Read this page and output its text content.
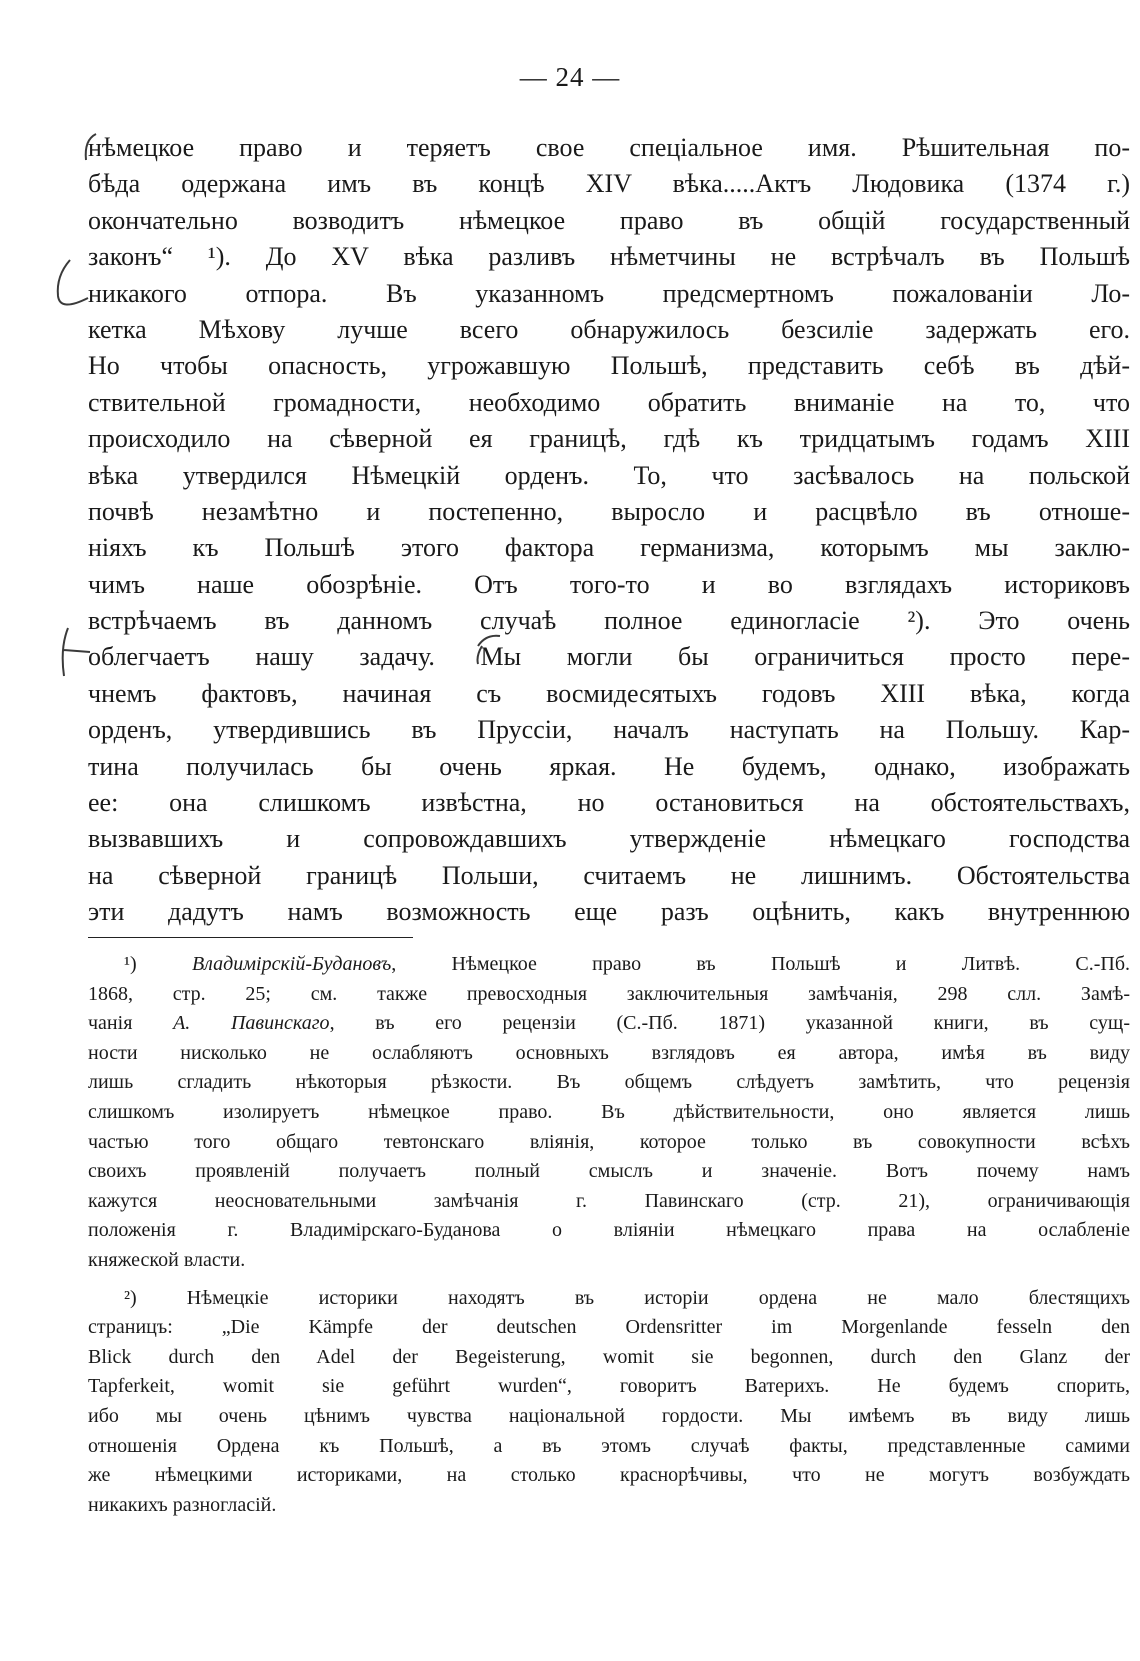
— 24 —
нѣмецкое право и теряетъ свое спеціальное имя. Рѣшительная по-
бѣда одержана имъ въ концѣ XIV вѣка.....Актъ Людовика (1374 г.)
окончательно возводитъ нѣмецкое право въ общій государственный
законъ“ ¹). До XV вѣка разливъ нѣметчины не встрѣчалъ въ Польшѣ
никакого отпора. Въ указанномъ предсмертномъ пожалованіи Ло-
кетка Мѣхову лучше всего обнаружилось безсиліе задержать его.
Но чтобы опасность, угрожавшую Польшѣ, представить себѣ въ дѣй-
ствительной громадности, необходимо обратить вниманіе на то, что
происходило на сѣверной ея границѣ, гдѣ къ тридцатымъ годамъ XIII
вѣка утвердился Нѣмецкій орденъ. То, что засѣвалось на польской
почвѣ незамѣтно и постепенно, выросло и расцвѣло въ отноше-
ніяхъ къ Польшѣ этого фактора германизма, которымъ мы заклю-
чимъ наше обозрѣніе. Отъ того-то и во взглядахъ историковъ
встрѣчаемъ въ данномъ случаѣ полное единогласіе ²). Это очень
облегчаетъ нашу задачу. Мы могли бы ограничиться просто пере-
чнемъ фактовъ, начиная съ восмидесятыхъ годовъ XIII вѣка, когда
орденъ, утвердившись въ Пруссіи, началъ наступать на Польшу. Кар-
тина получилась бы очень яркая. Не будемъ, однако, изображать
ее: она слишкомъ извѣстна, но остановиться на обстоятельствахъ,
вызвавшихъ и сопровождавшихъ утвержденіе нѣмецкаго господства
на сѣверной границѣ Польши, считаемъ не лишнимъ. Обстоятельства
эти дадутъ намъ возможность еще разъ оцѣнить, какъ внутреннюю
¹)	Владимірскій-Будановъ, Нѣмецкое право въ Польшѣ и Литвѣ. С.-Пб.
1868, стр. 25; см. также превосходныя заключительныя замѣчанія, 298 слл. Замѣ-
чанія А. Павинскаго, въ его рецензіи (С.-Пб. 1871) указанной книги, въ сущ-
ности нисколько не ослабляютъ основныхъ взглядовъ ея автора, имѣя въ виду
лишь сгладить нѣкоторыя рѣзкости. Въ общемъ слѣдуетъ замѣтить, что рецензія
слишкомъ изолируетъ нѣмецкое право. Въ дѣйствительности, оно является лишь
частью того общаго тевтонскаго вліянія, которое только въ совокупности всѣхъ
своихъ проявленій получаетъ полный смыслъ и значеніе. Вотъ почему намъ
кажутся неосновательными замѣчанія г. Павинскаго (стр. 21), ограничивающія
положенія г. Владимірскаго-Буданова о вліяніи нѣмецкаго права на ослабленіе
княжеской власти.
²) Нѣмецкіе историки находятъ въ исторіи ордена не мало блестящихъ
страницъ: „Die Kämpfe der deutschen Ordensritter im Morgenlande fesseln den
Blick durch den Adel der Begeisterung, womit sie begonnen, durch den Glanz der
Tapferkeit, womit sie geführt wurden“, говоритъ Ватерихъ. Не будемъ спорить,
ибо мы очень цѣнимъ чувства національной гордости. Мы имѣемъ въ виду лишь
отношенія Ордена къ Польшѣ, а въ этомъ случаѣ факты, представленные самими
же нѣмецкими историками, на столько краснорѣчивы, что не могутъ возбуждать
никакихъ разногласій.
